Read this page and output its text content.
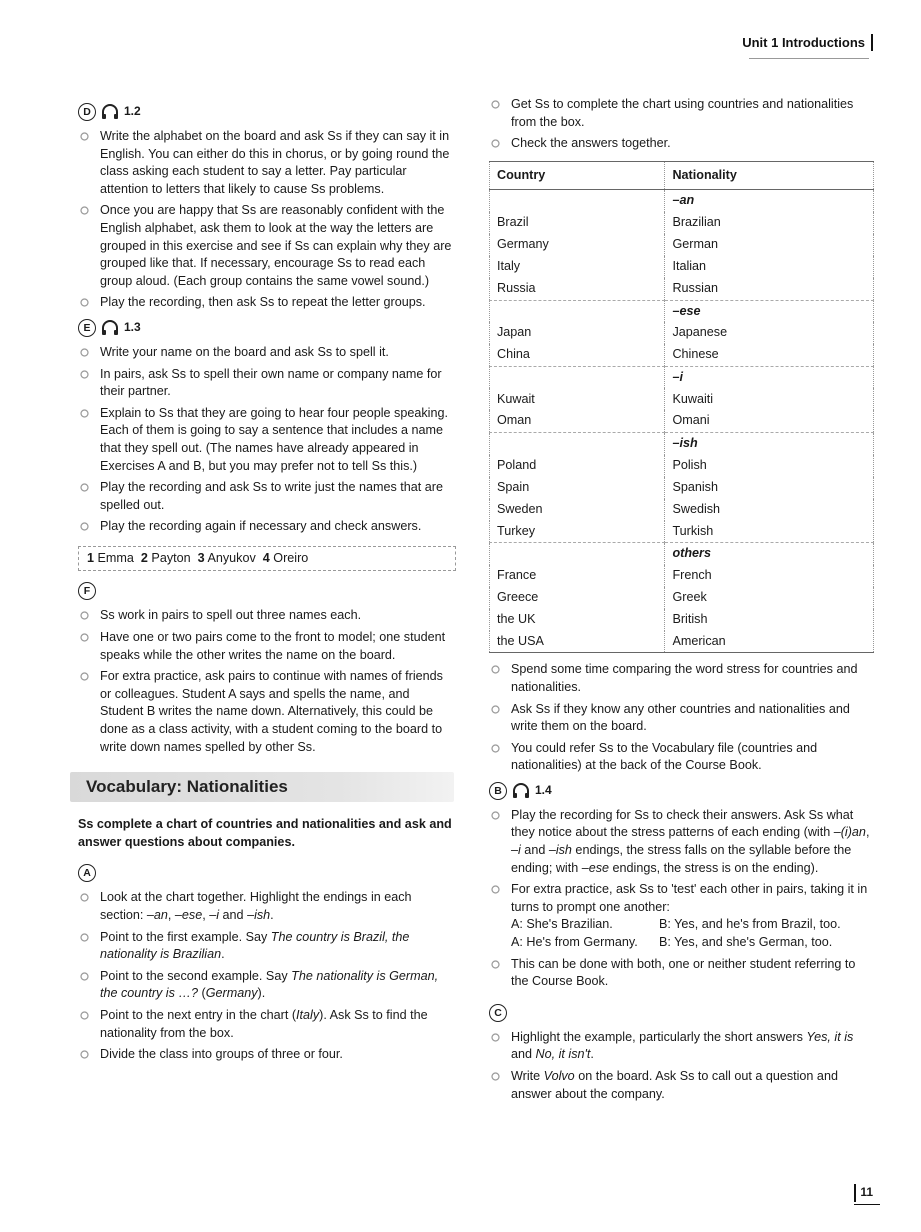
Unit 1 Introductions
D	1.2
Write the alphabet on the board and ask Ss if they can say it in English. You can either do this in chorus, or by going round the class asking each student to say a letter. Pay particular attention to letters that likely to cause Ss problems.
Once you are happy that Ss are reasonably confident with the English alphabet, ask them to look at the way the letters are grouped in this exercise and see if Ss can explain why they are grouped like that. If necessary, encourage Ss to read each group aloud. (Each group contains the same vowel sound.)
Play the recording, then ask Ss to repeat the letter groups.
E	1.3
Write your name on the board and ask Ss to spell it.
In pairs, ask Ss to spell their own name or company name for their partner.
Explain to Ss that they are going to hear four people speaking. Each of them is going to say a sentence that includes a name that they spell out. (The names have already appeared in Exercises A and B, but you may prefer not to tell Ss this.)
Play the recording and ask Ss to write just the names that are spelled out.
Play the recording again if necessary and check answers.
1 Emma 2 Payton 3 Anyukov 4 Oreiro
F
Ss work in pairs to spell out three names each.
Have one or two pairs come to the front to model; one student speaks while the other writes the name on the board.
For extra practice, ask pairs to continue with names of friends or colleagues. Student A says and spells the name, and Student B writes the name down. Alternatively, this could be done as a class activity, with a student coming to the board to write down names spelled by other Ss.
Vocabulary: Nationalities

Ss complete a chart of countries and nationalities and ask and answer questions about companies.

A
Look at the chart together. Highlight the endings in each section: –an, –ese, –i and –ish.
Point to the first example. Say The country is Brazil, the nationality is Brazilian.
Point to the second example. Say The nationality is German, the country is …? (Germany).
Point to the next entry in the chart (Italy). Ask Ss to find the nationality from the box.
Divide the class into groups of three or four.
Get Ss to complete the chart using countries and nationalities from the box.
Check the answers together.
Country	Nationality
	–an
Brazil	Brazilian
Germany	German
Italy	Italian
Russia	Russian
	–ese
Japan	Japanese
China	Chinese
	–i
Kuwait	Kuwaiti
Oman	Omani
	–ish
Poland	Polish
Spain	Spanish
Sweden	Swedish
Turkey	Turkish
	others
France	French
Greece	Greek
the UK	British
the USA	American
Spend some time comparing the word stress for countries and nationalities.
Ask Ss if they know any other countries and nationalities and write them on the board.
You could refer Ss to the Vocabulary file (countries and nationalities) at the back of the Course Book.
B	1.4
Play the recording for Ss to check their answers. Ask Ss what they notice about the stress patterns of each ending (with –(i)an, –i and –ish endings, the stress falls on the syllable before the ending; with –ese endings, the stress is on the ending).
For extra practice, ask Ss to 'test' each other in pairs, taking it in turns to prompt one another:
A: She's Brazilian.	B: Yes, and he's from Brazil, too.
A: He's from Germany.	B: Yes, and she's German, too.
This can be done with both, one or neither student referring to the Course Book.
C
Highlight the example, particularly the short answers Yes, it is and No, it isn't.
Write Volvo on the board. Ask Ss to call out a question and answer about the company.
11
